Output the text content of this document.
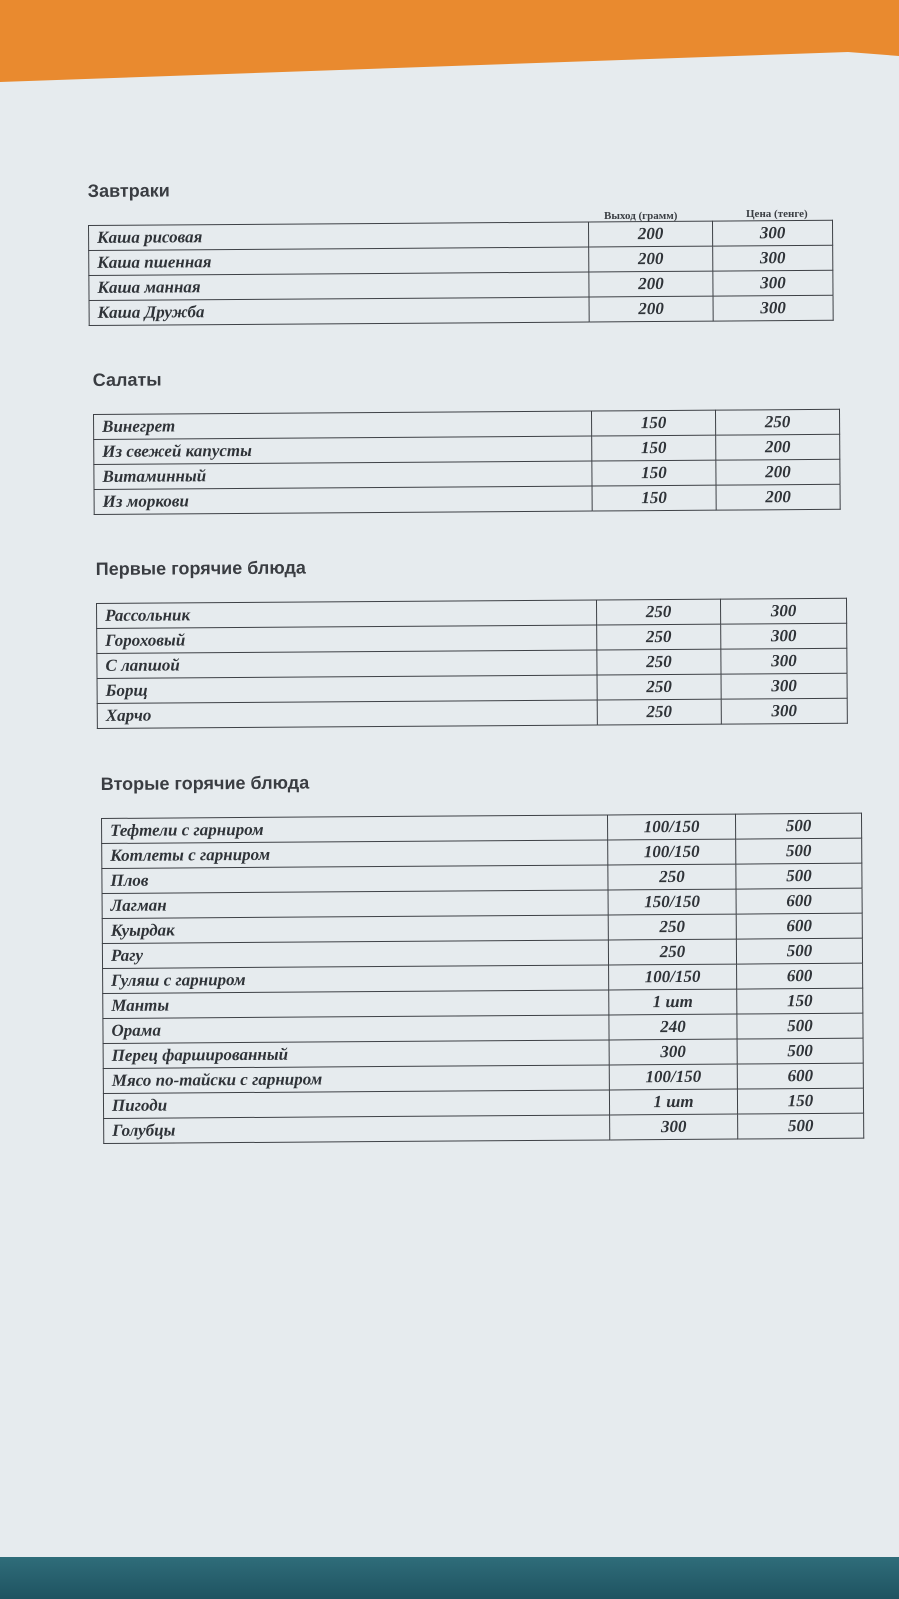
Выход (грамм)	Цена (тенге)
Завтраки
Каша рисовая	200	300
Каша пшенная	200	300
Каша манная	200	300
Каша Дружба	200	300
Салаты
Винегрет	150	250
Из свежей капусты	150	200
Витаминный	150	200
Из моркови	150	200
Первые горячие блюда
Рассольник	250	300
Гороховый	250	300
С лапшой	250	300
Борщ	250	300
Харчо	250	300
Вторые горячие блюда
Тефтели с гарниром	100/150	500
Котлеты с гарниром	100/150	500
Плов	250	500
Лагман	150/150	600
Куырдак	250	600
Рагу	250	500
Гуляш с гарниром	100/150	600
Манты	1 шт	150
Орама	240	500
Перец фаршированный	300	500
Мясо по-тайски с гарниром	100/150	600
Пигоди	1 шт	150
Голубцы	300	500
